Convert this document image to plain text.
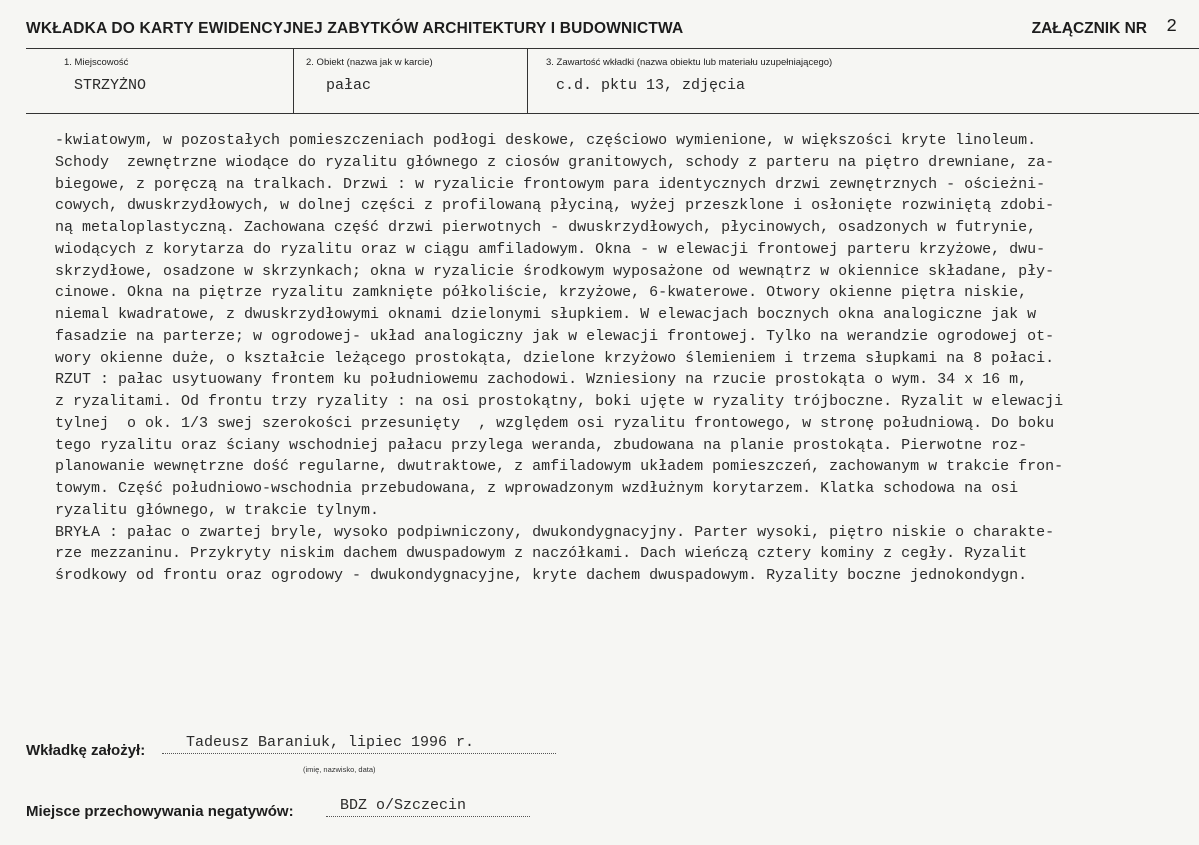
WKŁADKA DO KARTY EWIDENCYJNEJ ZABYTKÓW ARCHITEKTURY I BUDOWNICTWA	ZAŁĄCZNIK NR 2
1. Miejscowość
STRZYŻNO
2. Obiekt (nazwa jak w karcie)
pałac
3. Zawartość wkładki (nazwa obiektu lub materiału uzupełniającego)
c.d. pktu 13, zdjęcia
-kwiatowym, w pozostałych pomieszczeniach podłogi deskowe, częściowo wymienione, w większości kryte linoleum.
Schody  zewnętrzne wiodące do ryzalitu głównego z ciosów granitowych, schody z parteru na piętro drewniane, za-
biegowe, z poręczą na tralkach. Drzwi : w ryzalicie frontowym para identycznych drzwi zewnętrznych - ościeżni-
cowych, dwuskrzydłowych, w dolnej części z profilowaną płyciną, wyżej przeszklone i osłonięte rozwiniętą zdobi-
ną metaloplastyczną. Zachowana część drzwi pierwotnych - dwuskrzydłowych, płycinowych, osadzonych w futrynie,
wiodących z korytarza do ryzalitu oraz w ciągu amfiladowym. Okna - w elewacji frontowej parteru krzyżowe, dwu-
skrzydłowe, osadzone w skrzynkach; okna w ryzalicie środkowym wyposażone od wewnątrz w okiennice składane, pły-
cinowe. Okna na piętrze ryzalitu zamknięte półkoliście, krzyżowe, 6-kwaterowe. Otwory okienne piętra niskie,
niemal kwadratowe, z dwuskrzydłowymi oknami dzielonymi słupkiem. W elewacjach bocznych okna analogiczne jak w
fasadzie na parterze; w ogrodowej- układ analogiczny jak w elewacji frontowej. Tylko na werandzie ogrodowej ot-
wory okienne duże, o kształcie leżącego prostokąta, dzielone krzyżowo ślemieniem i trzema słupkami na 8 połaci.
RZUT : pałac usytuowany frontem ku południowemu zachodowi. Wzniesiony na rzucie prostokąta o wym. 34 x 16 m,
z ryzalitami. Od frontu trzy ryzality : na osi prostokątny, boki ujęte w ryzality trójboczne. Ryzalit w elewacji
tylnej  o ok. 1/3 swej szerokości przesunięty  , względem osi ryzalitu frontowego, w stronę południową. Do boku
tego ryzalitu oraz ściany wschodniej pałacu przylega weranda, zbudowana na planie prostokąta. Pierwotne roz-
planowanie wewnętrzne dość regularne, dwutraktowe, z amfiladowym układem pomieszczeń, zachowanym w trakcie fron-
towym. Część południowo-wschodnia przebudowana, z wprowadzonym wzdłużnym korytarzem. Klatka schodowa na osi
ryzalitu głównego, w trakcie tylnym.
BRYŁA : pałac o zwartej bryle, wysoko podpiwniczony, dwukondygnacyjny. Parter wysoki, piętro niskie o charakte-
rze mezzaninu. Przykryty niskim dachem dwuspadowym z naczółkami. Dach wieńczą cztery kominy z cegły. Ryzalit
środkowy od frontu oraz ogrodowy - dwukondygnacyjne, kryte dachem dwuspadowym. Ryzality boczne jednokondygn.
Wkładkę założył:	Tadeusz Baraniuk, lipiec 1996 r.
(imię, nazwisko, data)
Miejsce przechowywania negatywów:	BDZ o/Szczecin
